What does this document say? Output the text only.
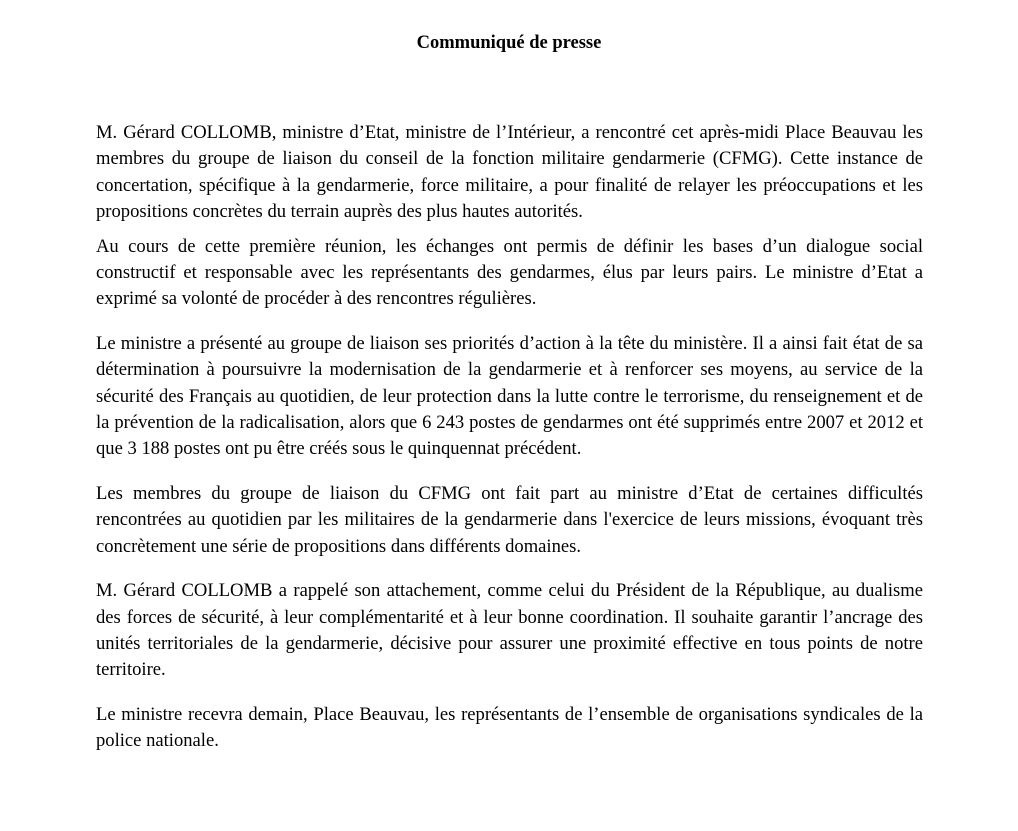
Communiqué de presse

M. Gérard COLLOMB, ministre d’Etat, ministre de l’Intérieur, a rencontré cet après-midi Place Beauvau les membres du groupe de liaison du conseil de la fonction militaire gendarmerie (CFMG). Cette instance de concertation, spécifique à la gendarmerie, force militaire, a pour finalité de relayer les préoccupations et les propositions concrètes du terrain auprès des plus hautes autorités.

Au cours de cette première réunion, les échanges ont permis de définir les bases d’un dialogue social constructif et responsable avec les représentants des gendarmes, élus par leurs pairs. Le ministre d’Etat a exprimé sa volonté de procéder à des rencontres régulières.

Le ministre a présenté au groupe de liaison ses priorités d’action à la tête du ministère. Il a ainsi fait état de sa détermination à poursuivre la modernisation de la gendarmerie et à renforcer ses moyens, au service de la sécurité des Français au quotidien, de leur protection dans la lutte contre le terrorisme, du renseignement et de la prévention de la radicalisation, alors que 6 243 postes de gendarmes ont été supprimés entre 2007 et 2012 et que 3 188 postes ont pu être créés sous le quinquennat précédent.

Les membres du groupe de liaison du CFMG ont fait part au ministre d’Etat de certaines difficultés rencontrées au quotidien par les militaires de la gendarmerie dans l'exercice de leurs missions, évoquant très concrètement une série de propositions dans différents domaines.

M. Gérard COLLOMB a rappelé son attachement, comme celui du Président de la République, au dualisme des forces de sécurité, à leur complémentarité et à leur bonne coordination. Il souhaite garantir l’ancrage des unités territoriales de la gendarmerie, décisive pour assurer une proximité effective en tous points de notre territoire.

Le ministre recevra demain, Place Beauvau, les représentants de l’ensemble de organisations syndicales de la police nationale.
